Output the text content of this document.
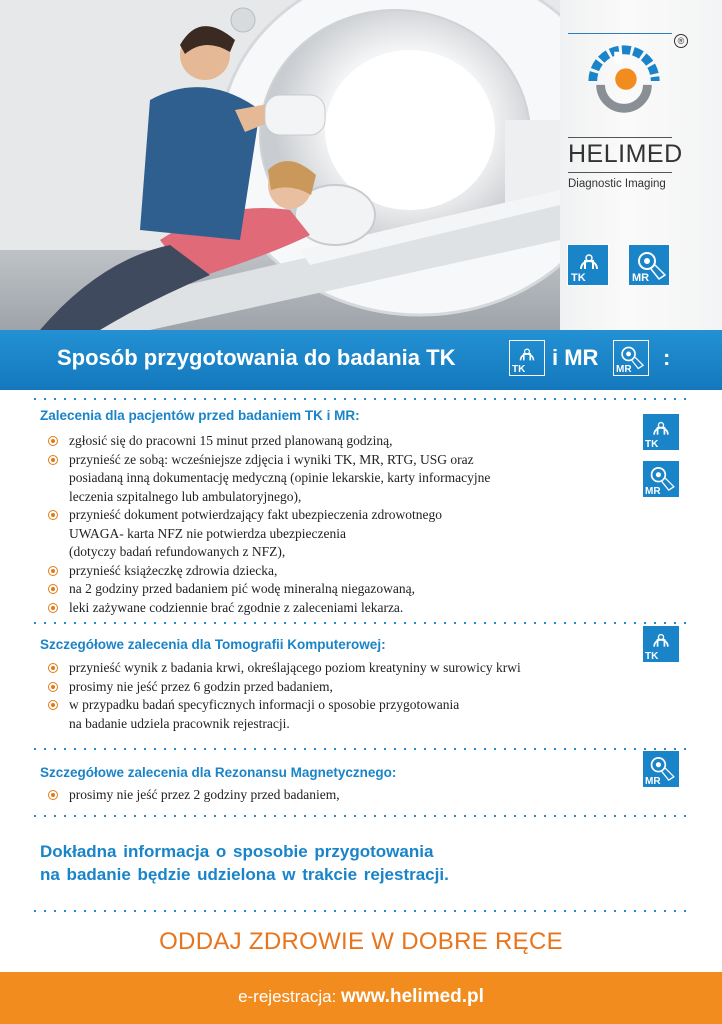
®
HELIMED
Diagnostic Imaging
TK	MR
Sposób przygotowania do badania TK	TK i MR MR :
Zalecenia dla pacjentów przed badaniem TK i MR:
zgłosić się do pracowni 15 minut przed planowaną godziną,
przynieść ze sobą: wcześniejsze zdjęcia i wyniki TK, MR, RTG, USG oraz
posiadaną inną dokumentację medyczną (opinie lekarskie, karty informacyjne
leczenia szpitalnego lub ambulatoryjnego),
przynieść dokument potwierdzający fakt ubezpieczenia zdrowotnego
UWAGA- karta NFZ nie potwierdza ubezpieczenia
(dotyczy badań refundowanych z NFZ),
przynieść książeczkę zdrowia dziecka,
na 2 godziny przed badaniem pić wodę mineralną niegazowaną,
leki zażywane codziennie brać zgodnie z zaleceniami lekarza.
TK
MR
Szczegółowe zalecenia dla Tomografii Komputerowej:
przynieść wynik z badania krwi, określającego poziom kreatyniny w surowicy krwi
prosimy nie jeść przez 6 godzin przed badaniem,
w przypadku badań specyficznych informacji o sposobie przygotowania
na badanie udziela pracownik rejestracji.
TK
Szczegółowe zalecenia dla Rezonansu Magnetycznego:
prosimy nie jeść przez 2 godziny przed badaniem,
MR
Dokładna informacja o sposobie przygotowania
na badanie będzie udzielona w trakcie rejestracji.
ODDAJ ZDROWIE W DOBRE RĘCE
e-rejestracja: www.helimed.pl
